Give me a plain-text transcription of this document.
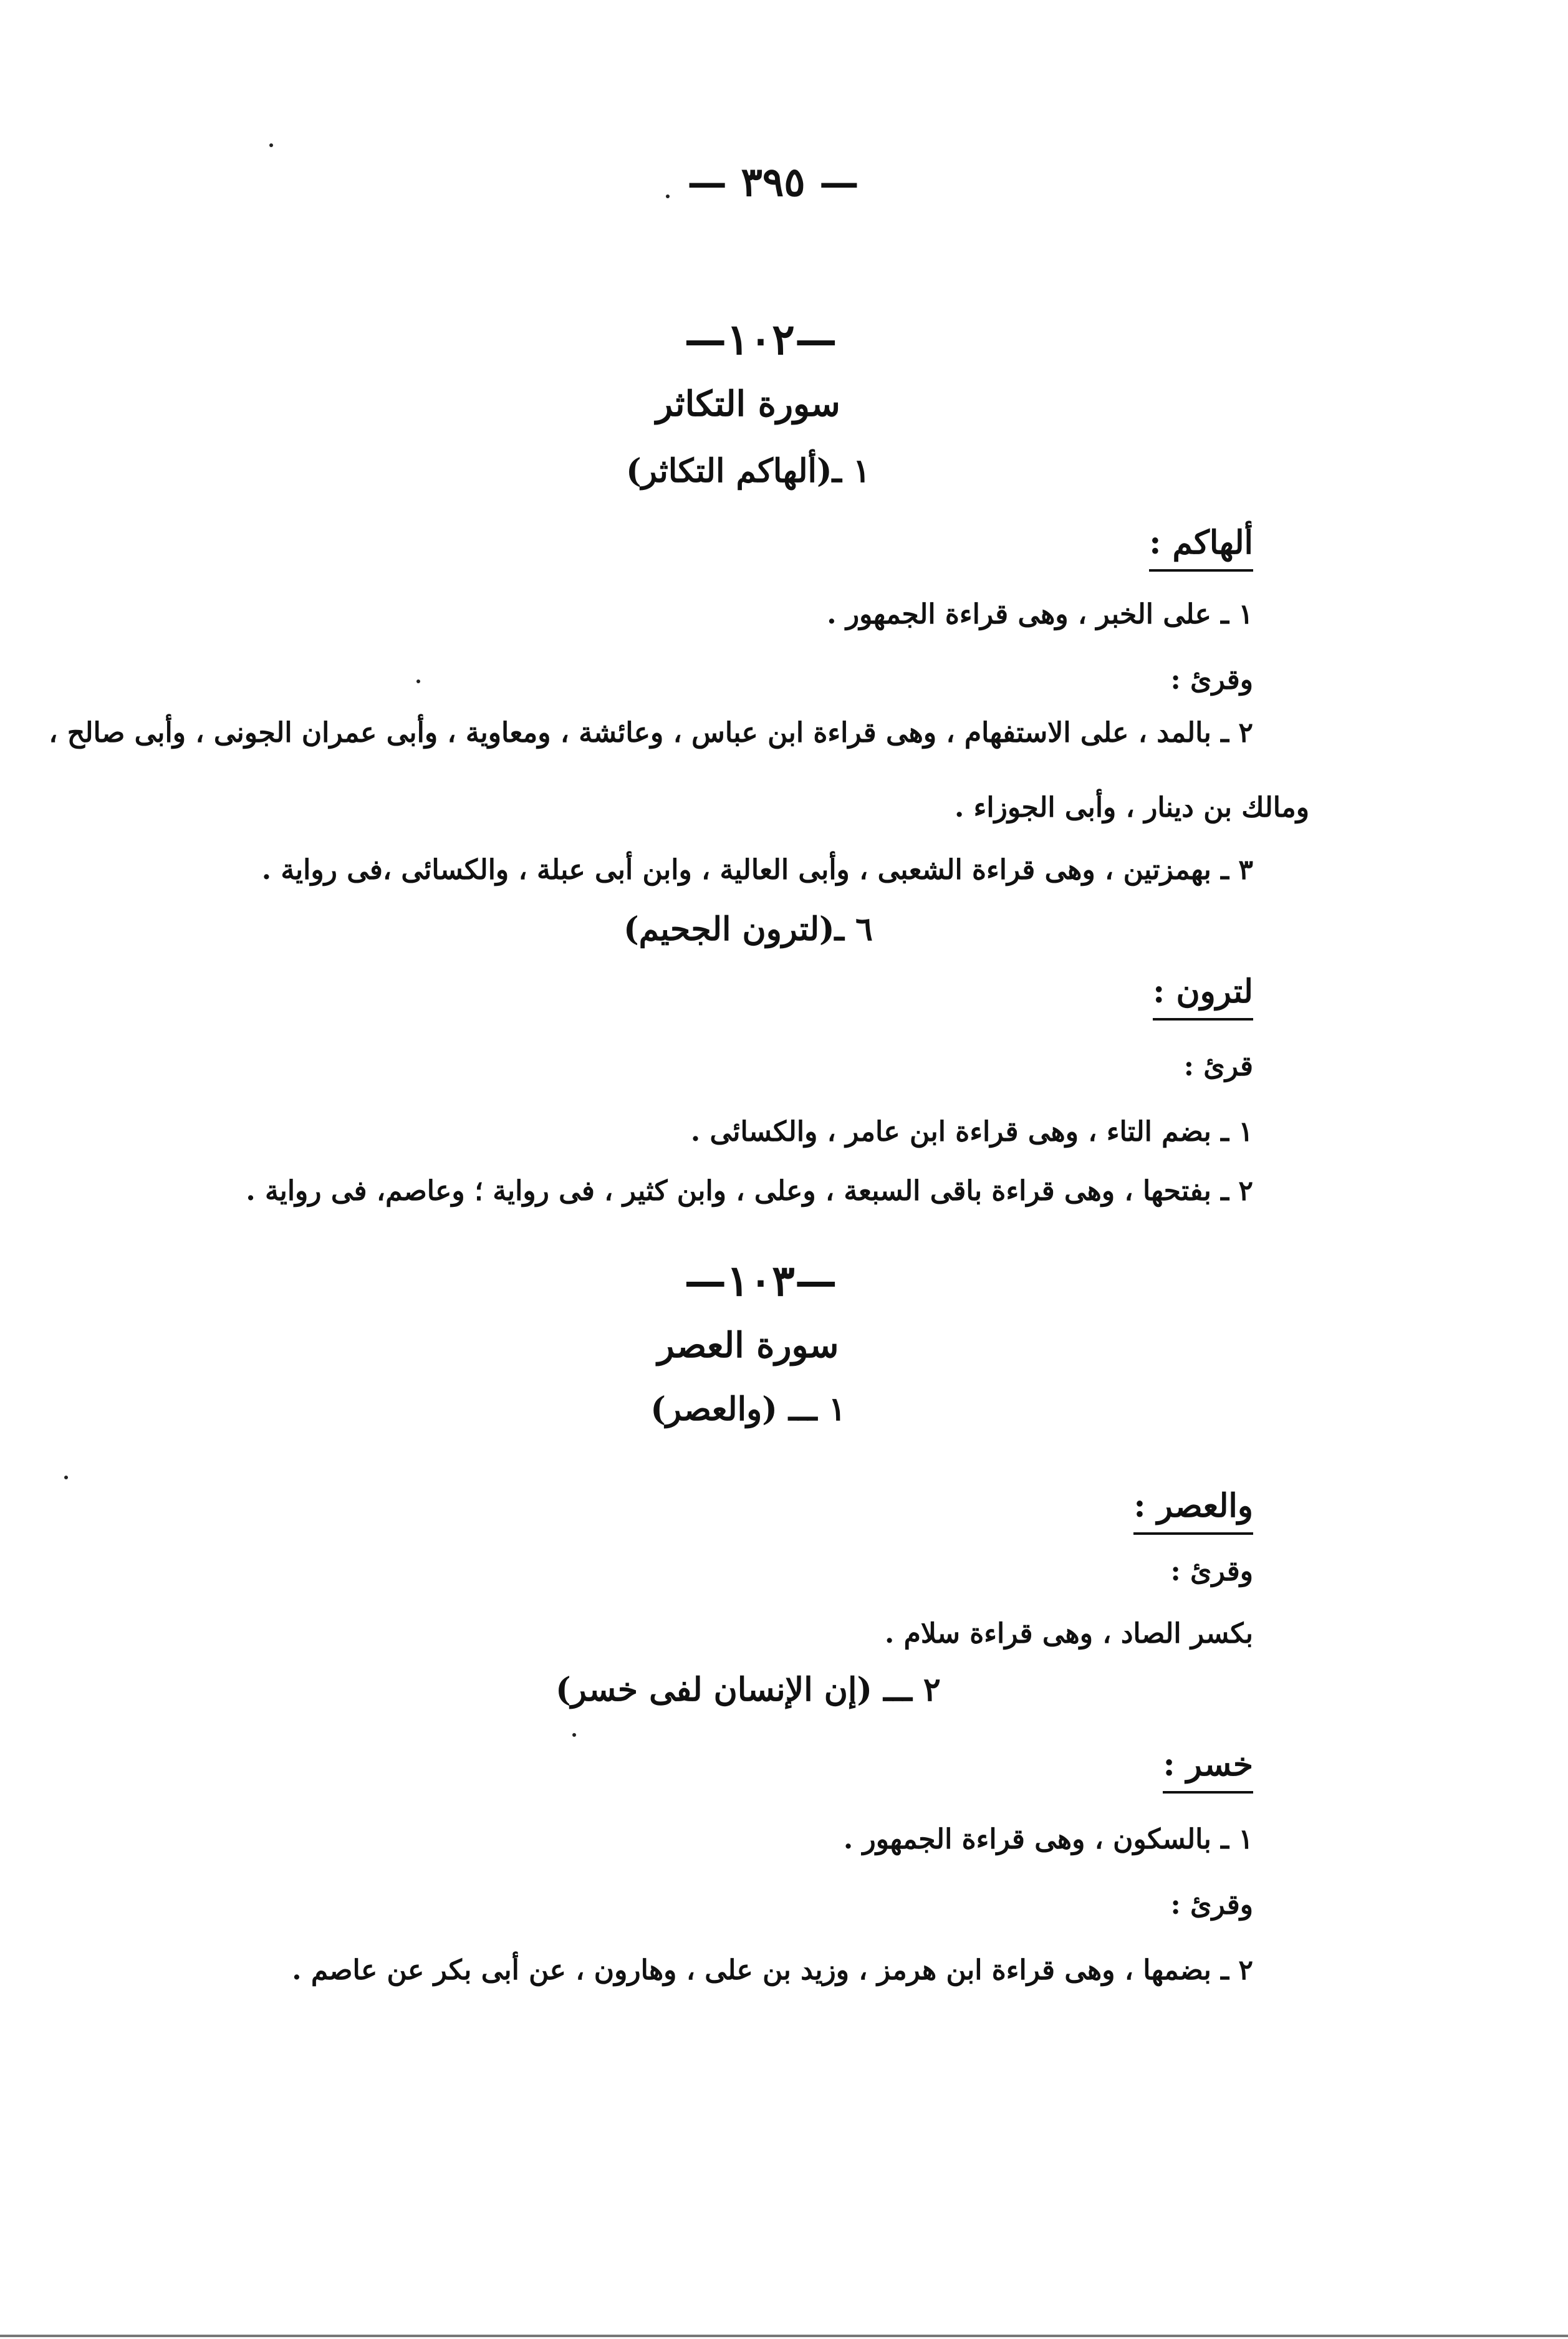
— ٣٩٥ —
—١٠٢—
سورة التكاثر
١ ـ(ألهاكم التكاثر)
ألهاكم :
١ ـ على الخبر ، وهى قراءة الجمهور .
وقرئ :
٢ ـ بالمد ، على الاستفهام ، وهى قراءة ابن عباس ، وعائشة ، ومعاوية ، وأبى عمران الجونى ، وأبى صالح ،
ومالك بن دينار ، وأبى الجوزاء .
٣ ـ بهمزتين ، وهى قراءة الشعبى ، وأبى العالية ، وابن أبى عبلة ، والكسائى ،فى رواية .
٦ ـ(لترون الجحيم)
لترون :
قرئ :
١ ـ بضم التاء ، وهى قراءة ابن عامر ، والكسائى .
٢ ـ بفتحها ، وهى قراءة باقى السبعة ، وعلى ، وابن كثير ، فى رواية ؛ وعاصم، فى رواية .
—١٠٣—
سورة العصر
١ ـــ (والعصر)
والعصر :
وقرئ :
بكسر الصاد ، وهى قراءة سلام .
٢ ـــ (إن الإنسان لفى خسر)
خسر :
١ ـ بالسكون ، وهى قراءة الجمهور .
وقرئ :
٢ ـ بضمها ، وهى قراءة ابن هرمز ، وزيد بن على ، وهارون ، عن أبى بكر عن عاصم .
